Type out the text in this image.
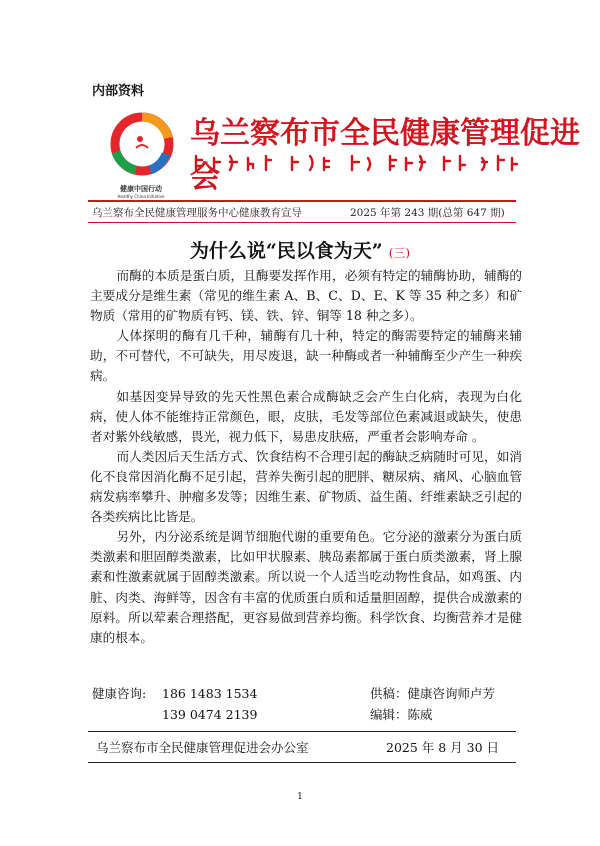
内部资料
健康中国行动
Healthy China Initiative
乌兰察布市全民健康管理促进会
乌兰察布全民健康管理服务中心健康教育宣导	2025 年第 243 期(总第 647 期)
为什么说“民以食为天” (三)

而酶的本质是蛋白质，且酶要发挥作用，必须有特定的辅酶协助，辅酶的主要成分是维生素（常见的维生素 A、B、C、D、E、K 等 35 种之多）和矿物质（常用的矿物质有钙、镁、铁、锌、铜等 18 种之多）。

人体探明的酶有几千种，辅酶有几十种，特定的酶需要特定的辅酶来辅助，不可替代，不可缺失，用尽废退，缺一种酶或者一种辅酶至少产生一种疾病。

如基因变异导致的先天性黑色素合成酶缺乏会产生白化病，表现为白化病，使人体不能维持正常颜色，眼，皮肤，毛发等部位色素减退或缺失，使患者对紫外线敏感，畏光，视力低下，易患皮肤癌，严重者会影响寿命 。

而人类因后天生活方式、饮食结构不合理引起的酶缺乏病随时可见，如消化不良常因消化酶不足引起，营养失衡引起的肥胖、糖尿病、痛风、心脑血管病发病率攀升、肿瘤多发等；因维生素、矿物质、益生菌、纤维素缺乏引起的各类疾病比比皆是。

另外，内分泌系统是调节细胞代谢的重要角色。它分泌的激素分为蛋白质类激素和胆固醇类激素，比如甲状腺素、胰岛素都属于蛋白质类激素，肾上腺素和性激素就属于固醇类激素。所以说一个人适当吃动物性食品，如鸡蛋、内脏、肉类、海鲜等，因含有丰富的优质蛋白质和适量胆固醇，提供合成激素的原料。所以荤素合理搭配，更容易做到营养均衡。科学饮食、均衡营养才是健康的根本。

健康咨询: 186 1483 1534
139 0474 2139
供稿：健康咨询师卢芳
编辑：陈威
乌兰察布市全民健康管理促进会办公室	2025 年 8 月 30 日
1
